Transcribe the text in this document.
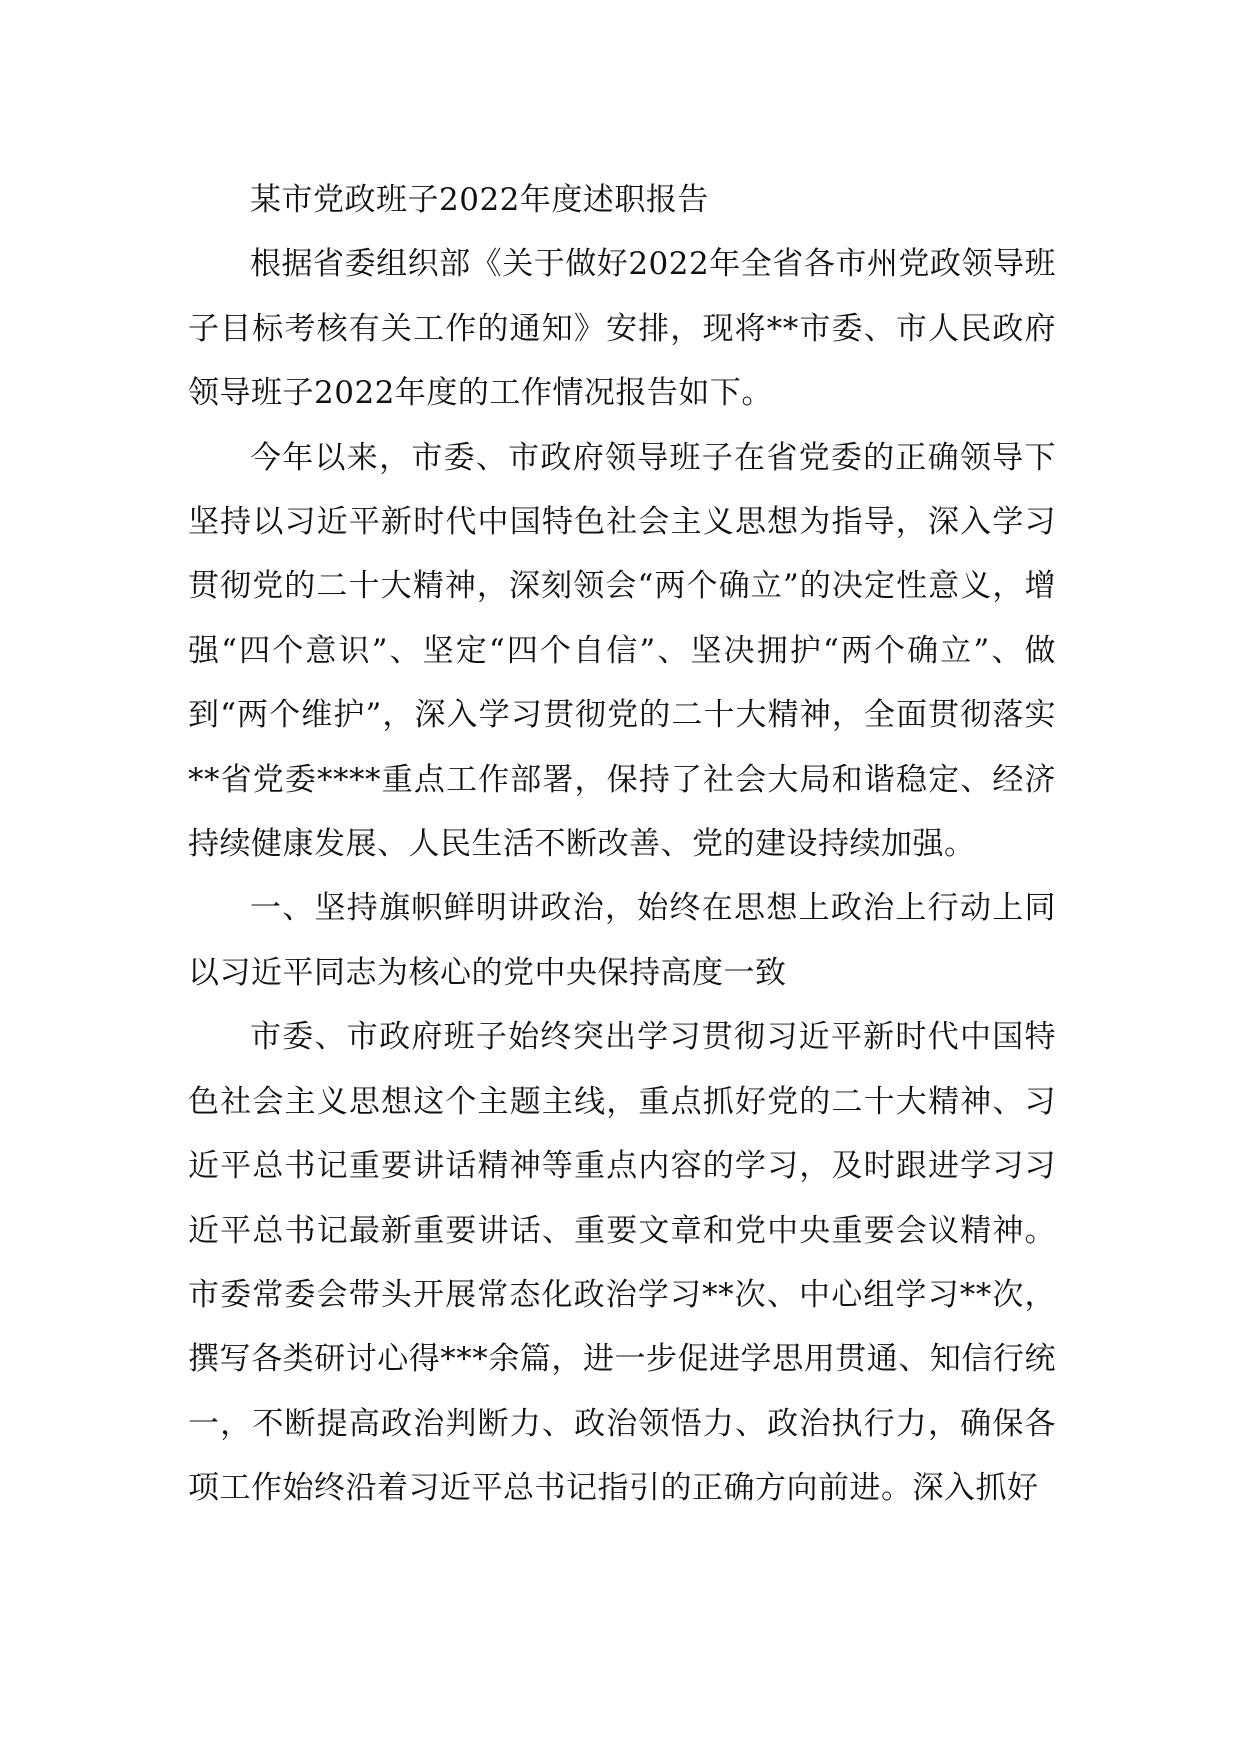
某市党政班子2022年度述职报告

根据省委组织部《关于做好2022年全省各市州党政领导班子目标考核有关工作的通知》安排，现将**市委、市人民政府领导班子2022年度的工作情况报告如下。

今年以来，市委、市政府领导班子在省党委的正确领导下坚持以习近平新时代中国特色社会主义思想为指导，深入学习贯彻党的二十大精神，深刻领会“两个确立”的决定性意义，增强“四个意识”、坚定“四个自信”、坚决拥护“两个确立”、做到“两个维护”，深入学习贯彻党的二十大精神，全面贯彻落实**省党委****重点工作部署，保持了社会大局和谐稳定、经济持续健康发展、人民生活不断改善、党的建设持续加强。

一、坚持旗帜鲜明讲政治，始终在思想上政治上行动上同以习近平同志为核心的党中央保持高度一致

市委、市政府班子始终突出学习贯彻习近平新时代中国特色社会主义思想这个主题主线，重点抓好党的二十大精神、习近平总书记重要讲话精神等重点内容的学习，及时跟进学习习近平总书记最新重要讲话、重要文章和党中央重要会议精神。市委常委会带头开展常态化政治学习**次、中心组学习**次，撰写各类研讨心得***余篇，进一步促进学思用贯通、知信行统一，不断提高政治判断力、政治领悟力、政治执行力，确保各项工作始终沿着习近平总书记指引的正确方向前进。深入抓好
